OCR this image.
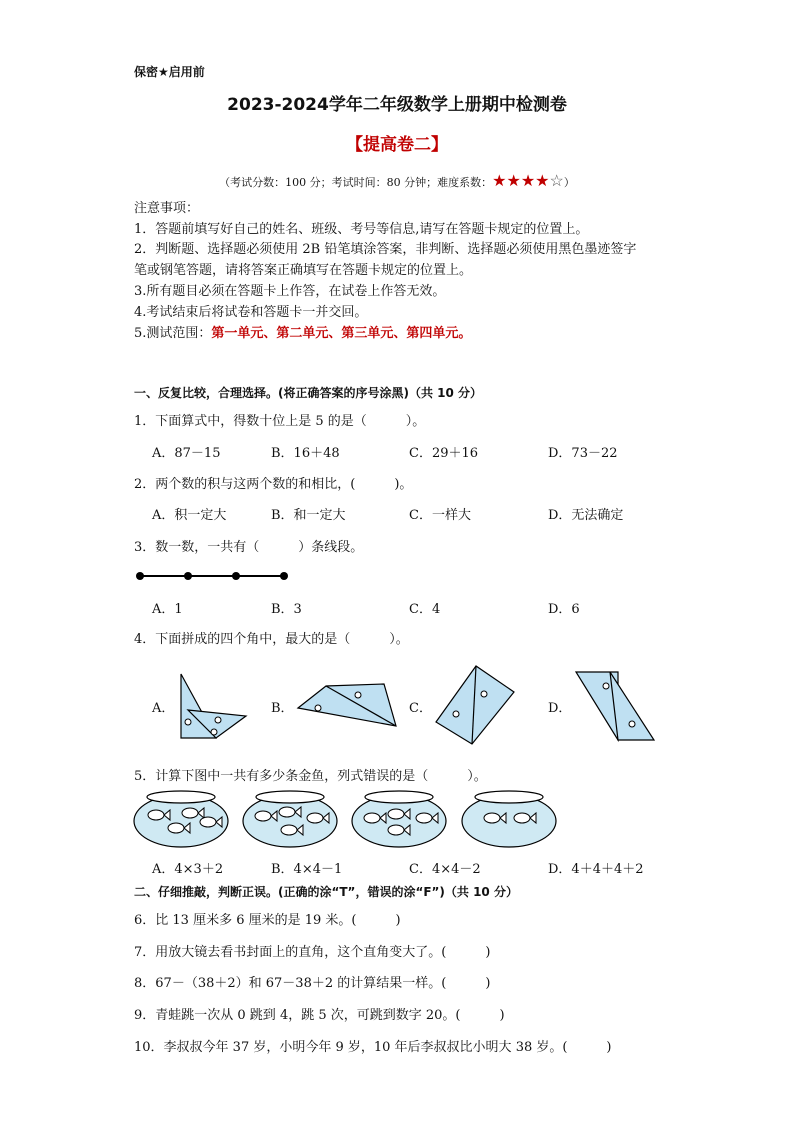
保密★启用前
2023-2024学年二年级数学上册期中检测卷
【提高卷二】
（考试分数：100 分；考试时间：80 分钟；难度系数：★★★★☆）
注意事项：
1．答题前填写好自己的姓名、班级、考号等信息,请写在答题卡规定的位置上。
2．判断题、选择题必须使用 2B 铅笔填涂答案，非判断、选择题必须使用黑色墨迹签字
笔或钢笔答题，请将答案正确填写在答题卡规定的位置上。
3.所有题目必须在答题卡上作答，在试卷上作答无效。
4.考试结束后将试卷和答题卡一并交回。
5.测试范围：第一单元、第二单元、第三单元、第四单元。
一、反复比较，合理选择。(将正确答案的序号涂黑)（共 10 分）
1．下面算式中，得数十位上是 5 的是（　　　）。
A．87－15	B．16＋48	C．29＋16	D．73－22
2．两个数的积与这两个数的和相比，(　　　)。
A．积一定大	B．和一定大	C．一样大	D．无法确定
3．数一数，一共有（　　　）条线段。
A．1	B．3	C．4	D．6
4．下面拼成的四个角中，最大的是（　　　）。
A．	B．	C．	D．
5．计算下图中一共有多少条金鱼，列式错误的是（　　　）。
A．4×3＋2	B．4×4－1	C．4×4－2	D．4＋4＋4＋2
二、仔细推敲，判断正误。(正确的涂“T”，错误的涂“F”)（共 10 分）
6．比 13 厘米多 6 厘米的是 19 米。(　　　)
7．用放大镜去看书封面上的直角，这个直角变大了。(　　　)
8．67－（38＋2）和 67－38＋2 的计算结果一样。(　　　)
9．青蛙跳一次从 0 跳到 4，跳 5 次，可跳到数字 20。(　　　)
10．李叔叔今年 37 岁，小明今年 9 岁，10 年后李叔叔比小明大 38 岁。(　　　)
